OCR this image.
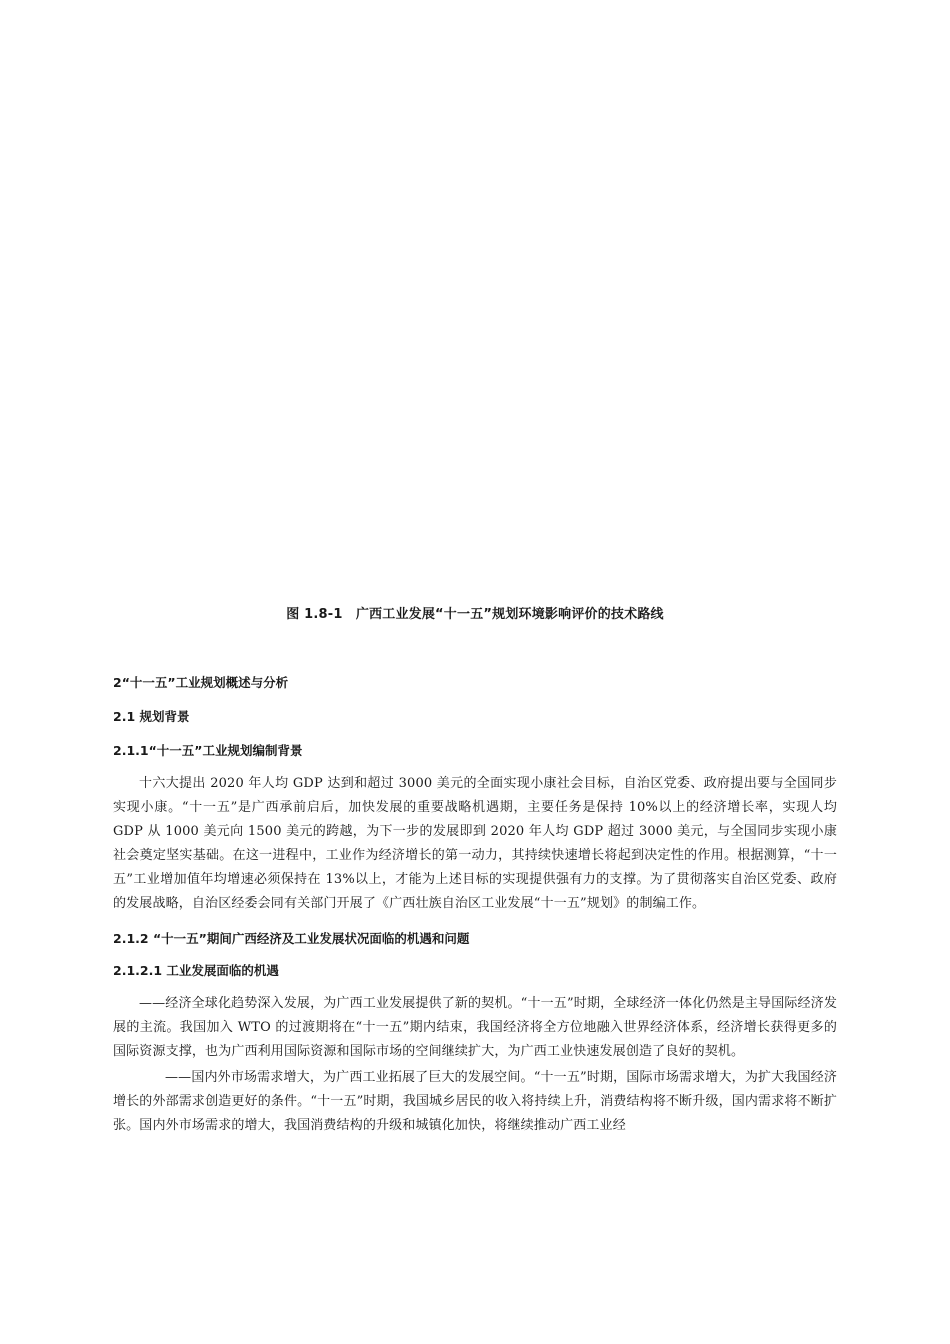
图 1.8-1　广西工业发展“十一五”规划环境影响评价的技术路线
2“十一五”工业规划概述与分析
2.1 规划背景
2.1.1“十一五”工业规划编制背景

十六大提出 2020 年人均 GDP 达到和超过 3000 美元的全面实现小康社会目标，自治区党委、政府提出要与全国同步实现小康。“十一五”是广西承前启后，加快发展的重要战略机遇期，主要任务是保持 10%以上的经济增长率，实现人均 GDP 从 1000 美元向 1500 美元的跨越，为下一步的发展即到 2020 年人均 GDP 超过 3000 美元，与全国同步实现小康社会奠定坚实基础。在这一进程中，工业作为经济增长的第一动力，其持续快速增长将起到决定性的作用。根据测算，“十一五”工业增加值年均增速必须保持在 13%以上，才能为上述目标的实现提供强有力的支撑。为了贯彻落实自治区党委、政府的发展战略，自治区经委会同有关部门开展了《广西壮族自治区工业发展“十一五”规划》的制编工作。

2.1.2 “十一五”期间广西经济及工业发展状况面临的机遇和问题
2.1.2.1 工业发展面临的机遇

——经济全球化趋势深入发展，为广西工业发展提供了新的契机。“十一五”时期，全球经济一体化仍然是主导国际经济发展的主流。我国加入 WTO 的过渡期将在“十一五”期内结束，我国经济将全方位地融入世界经济体系，经济增长获得更多的国际资源支撑，也为广西利用国际资源和国际市场的空间继续扩大，为广西工业快速发展创造了良好的契机。

——国内外市场需求增大，为广西工业拓展了巨大的发展空间。“十一五”时期，国际市场需求增大，为扩大我国经济增长的外部需求创造更好的条件。“十一五”时期，我国城乡居民的收入将持续上升，消费结构将不断升级，国内需求将不断扩张。国内外市场需求的增大，我国消费结构的升级和城镇化加快，将继续推动广西工业经
